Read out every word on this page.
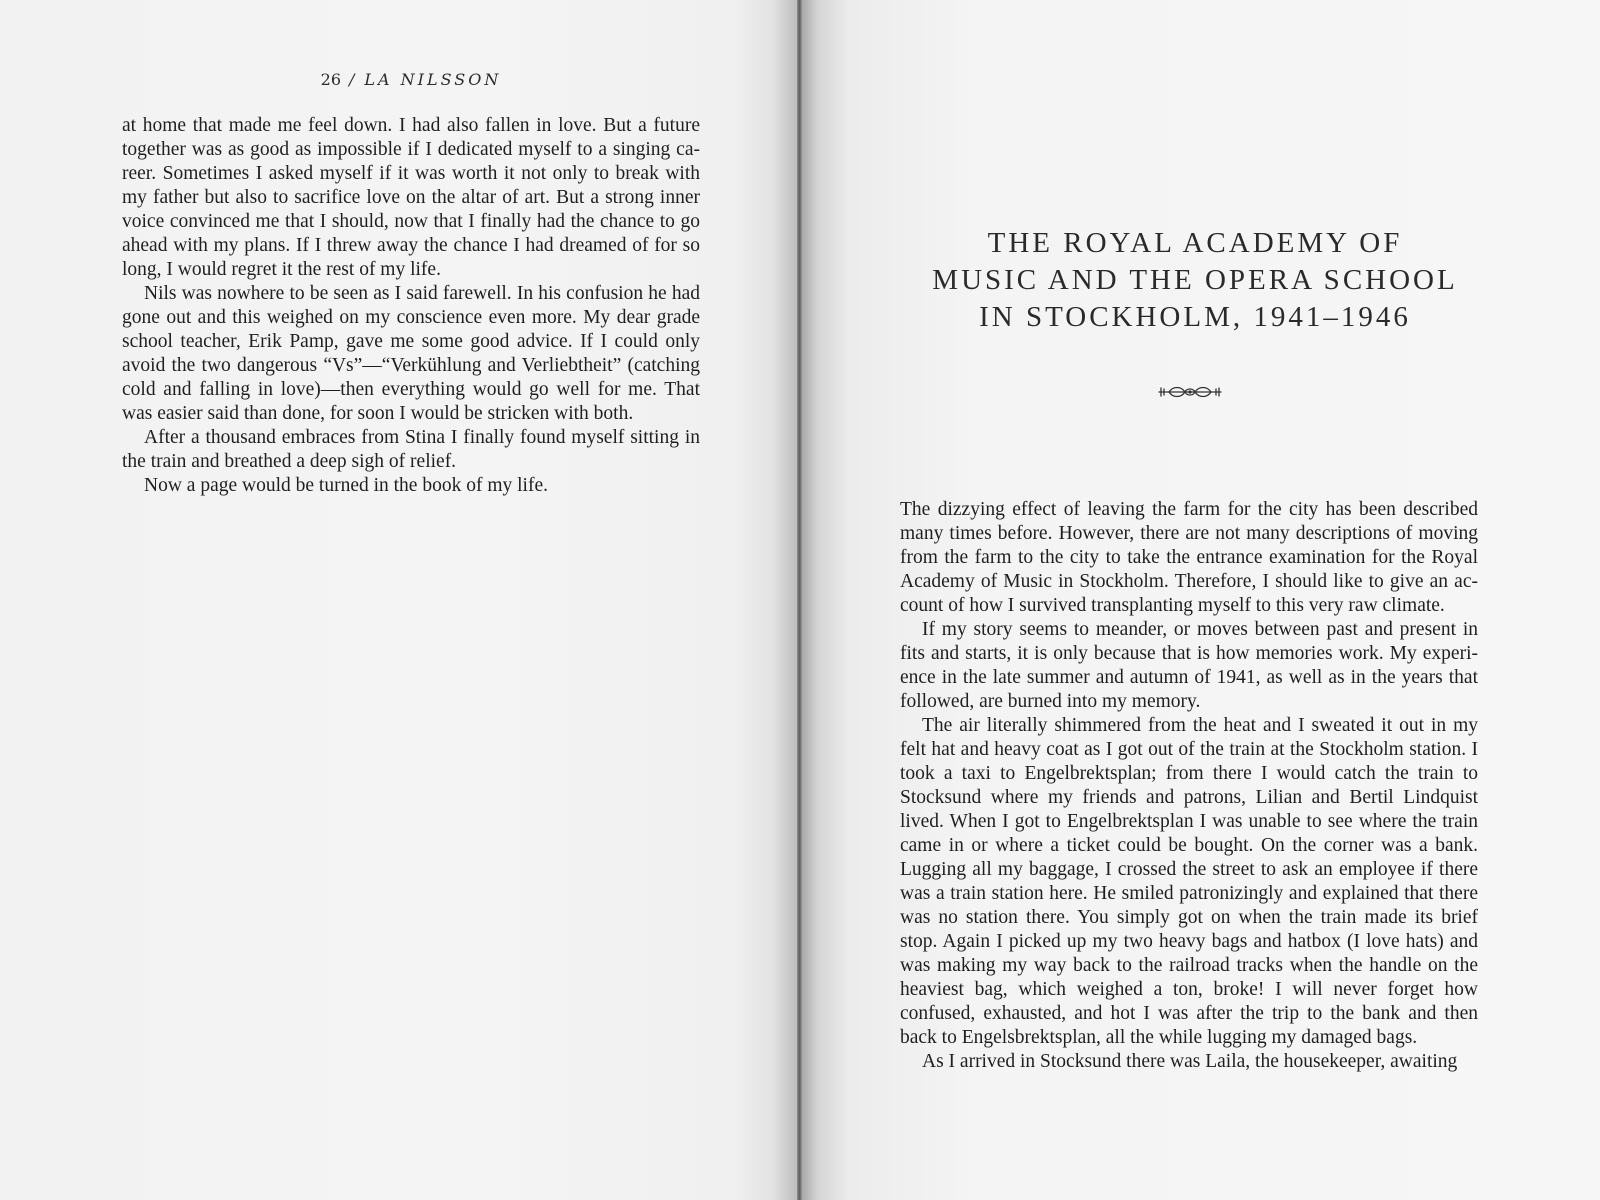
26 / LA NILSSON

at home that made me feel down. I had also fallen in love. But a future together was as good as impossible if I dedicated myself to a singing career. Sometimes I asked myself if it was worth it not only to break with my father but also to sacrifice love on the altar of art. But a strong inner voice convinced me that I should, now that I finally had the chance to go ahead with my plans. If I threw away the chance I had dreamed of for so long, I would regret it the rest of my life.

Nils was nowhere to be seen as I said farewell. In his confusion he had gone out and this weighed on my conscience even more. My dear grade school teacher, Erik Pamp, gave me some good advice. If I could only avoid the two dangerous “Vs”—“Verkühlung and Verliebtheit” (catching cold and falling in love)—then everything would go well for me. That was easier said than done, for soon I would be stricken with both.

After a thousand embraces from Stina I finally found myself sitting in the train and breathed a deep sigh of relief.

Now a page would be turned in the book of my life.

THE ROYAL ACADEMY OF
MUSIC AND THE OPERA SCHOOL
IN STOCKHOLM, 1941–1946

The dizzying effect of leaving the farm for the city has been described many times before. However, there are not many descriptions of moving from the farm to the city to take the entrance examination for the Royal Academy of Music in Stockholm. Therefore, I should like to give an account of how I survived transplanting myself to this very raw climate.

If my story seems to meander, or moves between past and present in fits and starts, it is only because that is how memories work. My experience in the late summer and autumn of 1941, as well as in the years that followed, are burned into my memory.

The air literally shimmered from the heat and I sweated it out in my felt hat and heavy coat as I got out of the train at the Stockholm station. I took a taxi to Engelbrektsplan; from there I would catch the train to Stocksund where my friends and patrons, Lilian and Bertil Lindquist lived. When I got to Engelbrektsplan I was unable to see where the train came in or where a ticket could be bought. On the corner was a bank. Lugging all my baggage, I crossed the street to ask an employee if there was a train station here. He smiled patronizingly and explained that there was no station there. You simply got on when the train made its brief stop. Again I picked up my two heavy bags and hatbox (I love hats) and was making my way back to the railroad tracks when the handle on the heaviest bag, which weighed a ton, broke! I will never forget how confused, exhausted, and hot I was after the trip to the bank and then back to Engelsbrektsplan, all the while lugging my damaged bags.

As I arrived in Stocksund there was Laila, the housekeeper, awaiting
